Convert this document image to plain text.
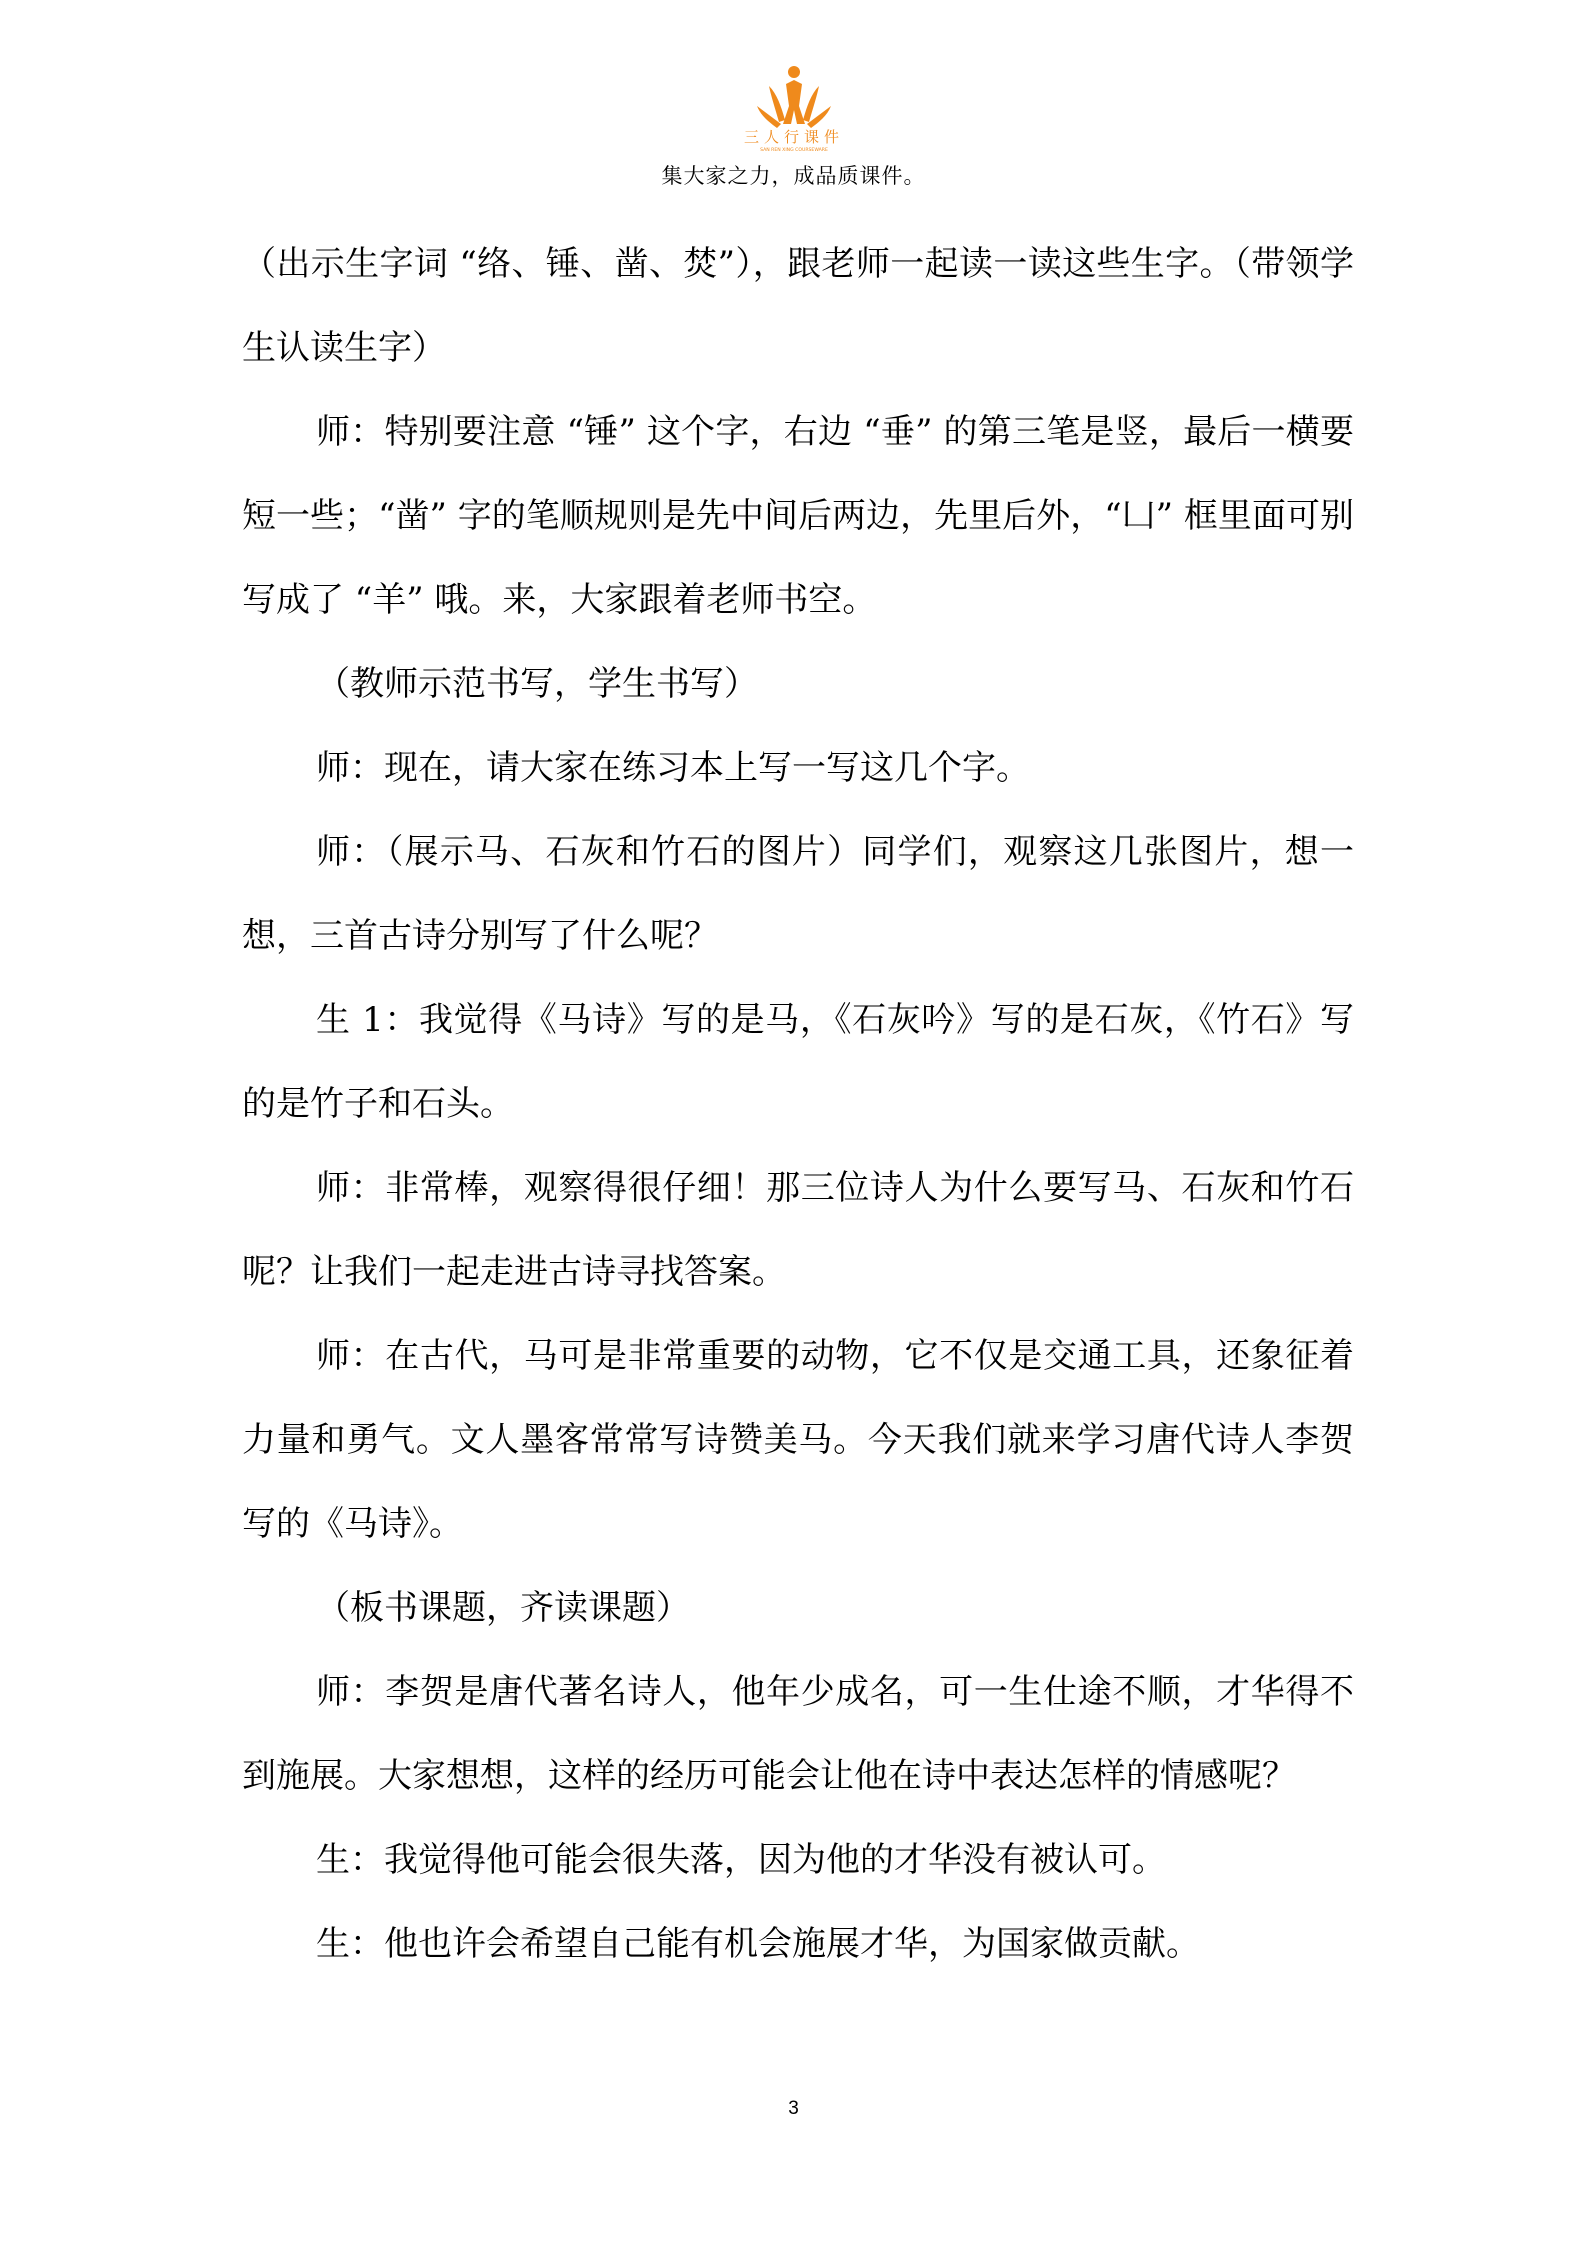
三人行课件
SAN REN XING COURSEWARE
集大家之力，成品质课件。

（出示生字词 “络、锤、凿、焚”），跟老师一起读一读这些生字。（带领学生认读生字）

师：特别要注意 “锤” 这个字，右边 “垂” 的第三笔是竖，最后一横要短一些；“凿” 字的笔顺规则是先中间后两边，先里后外，“凵” 框里面可别写成了 “羊” 哦。来，大家跟着老师书空。

（教师示范书写，学生书写）

师：现在，请大家在练习本上写一写这几个字。

师：（展示马、石灰和竹石的图片）同学们，观察这几张图片，想一想，三首古诗分别写了什么呢？

生 1：我觉得《马诗》写的是马，《石灰吟》写的是石灰，《竹石》写的是竹子和石头。

师：非常棒，观察得很仔细！那三位诗人为什么要写马、石灰和竹石呢？让我们一起走进古诗寻找答案。

师：在古代，马可是非常重要的动物，它不仅是交通工具，还象征着力量和勇气。文人墨客常常写诗赞美马。今天我们就来学习唐代诗人李贺写的《马诗》。

（板书课题，齐读课题）

师：李贺是唐代著名诗人，他年少成名，可一生仕途不顺，才华得不到施展。大家想想，这样的经历可能会让他在诗中表达怎样的情感呢？

生：我觉得他可能会很失落，因为他的才华没有被认可。

生：他也许会希望自己能有机会施展才华，为国家做贡献。

3
